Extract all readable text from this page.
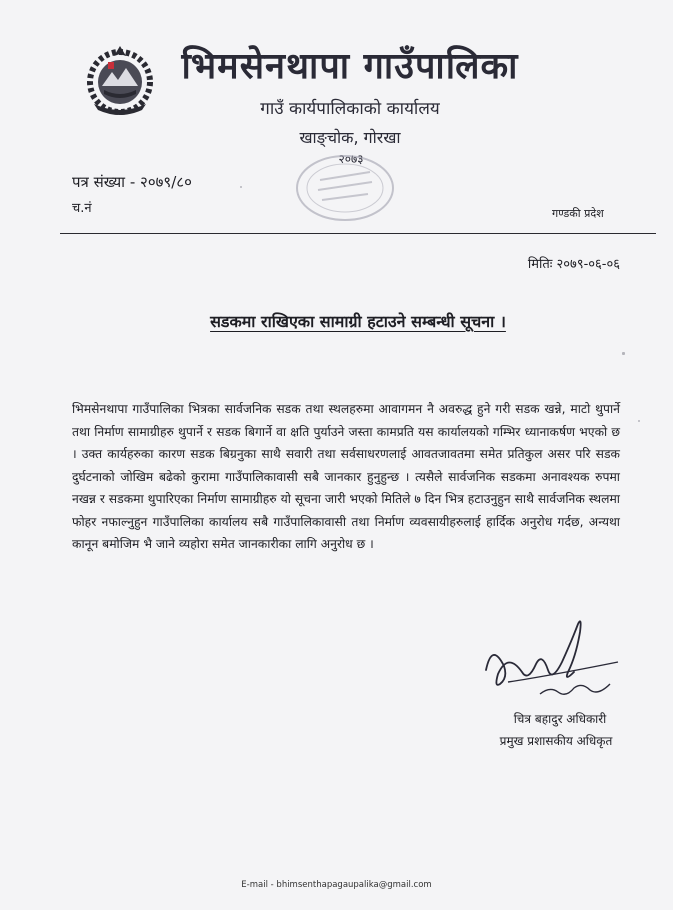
भिमसेनथापा गाउँपालिका
गाउँ कार्यपालिकाको कार्यालय
खाङ्चोक, गोरखा
२०७३
पत्र संख्या - २०७९/८०
च.नं	गण्डकी प्रदेश
मितिः २०७९-०६-०६
सडकमा राखिएका सामाग्री हटाउने सम्बन्धी सूचना ।
भिमसेनथापा गाउँपालिका भित्रका सार्वजनिक सडक तथा स्थलहरुमा आवागमन नै अवरुद्ध हुने गरी सडक खन्ने, माटो थुपार्ने तथा निर्माण सामाग्रीहरु थुपार्ने र सडक बिगार्ने वा क्षति पुर्याउने जस्ता कामप्रति यस कार्यालयको गम्भिर ध्यानाकर्षण भएको छ । उक्त कार्यहरुका कारण सडक बिग्रनुका साथै सवारी तथा सर्वसाधरणलाई आवतजावतमा समेत प्रतिकुल असर परि सडक दुर्घटनाको जोखिम बढेको कुरामा गाउँपालिकावासी सबै जानकार हुनुहुन्छ । त्यसैले सार्वजनिक सडकमा अनावश्यक रुपमा नखन्न र सडकमा थुपारिएका निर्माण सामाग्रीहरु यो सूचना जारी भएको मितिले ७ दिन भित्र हटाउनुहुन साथै सार्वजनिक स्थलमा फोहर नफाल्नुहुन गाउँपालिका कार्यालय सबै गाउँपालिकावासी तथा निर्माण व्यवसायीहरुलाई हार्दिक अनुरोध गर्दछ, अन्यथा कानून बमोजिम भै जाने व्यहोरा समेत जानकारीका लागि अनुरोध छ ।
चित्र बहादुर अधिकारी
प्रमुख प्रशासकीय अधिकृत
E-mail - bhimsenthapagaupalika@gmail.com
